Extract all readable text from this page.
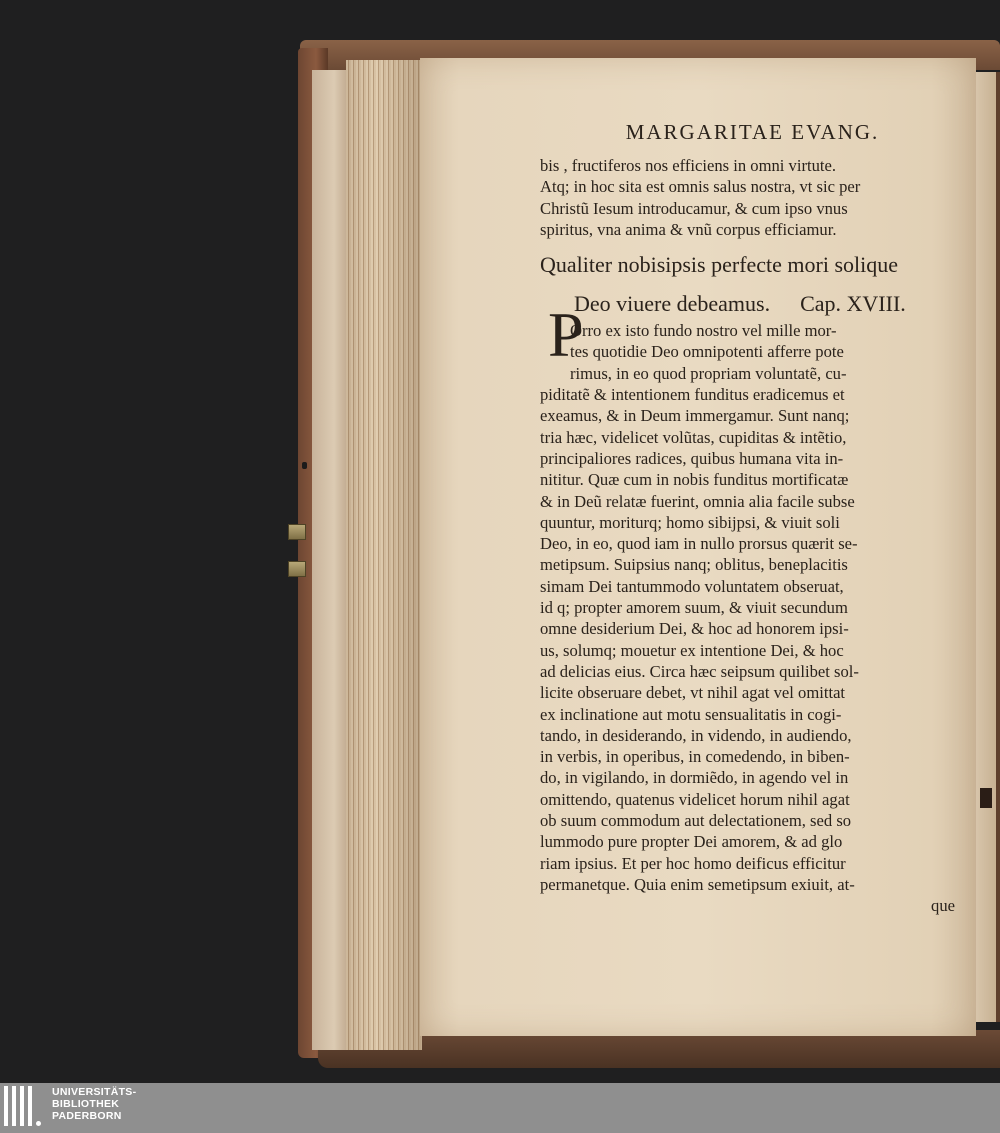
P
MARGARITAE EVANG.
bis , fructiferos nos efficiens in omni virtute.
Atq; in hoc sita est omnis salus nostra, vt sic per
Christũ Iesum introducamur, & cum ipso vnus
spiritus, vna anima & vnũ corpus efficiamur.
Qualiter nobisipsis perfecte mori solique
Deo viuere debeamus. Cap. XVIII.
Orro ex isto fundo nostro vel mille mor-
tes quotidie Deo omnipotenti afferre pote
rimus, in eo quod propriam voluntatẽ, cu-
piditatẽ & intentionem funditus eradicemus et
exeamus, & in Deum immergamur. Sunt nanq;
tria hæc, videlicet volũtas, cupiditas & intẽtio,
principaliores radices, quibus humana vita in-
nititur. Quæ cum in nobis funditus mortificatæ
& in Deũ relatæ fuerint, omnia alia facile subse
quuntur, moriturq; homo sibijpsi, & viuit soli
Deo, in eo, quod iam in nullo prorsus quærit se-
metipsum. Suipsius nanq; oblitus, beneplacitis
simam Dei tantummodo voluntatem obseruat,
id q; propter amorem suum, & viuit secundum
omne desiderium Dei, & hoc ad honorem ipsi-
us, solumq; mouetur ex intentione Dei, & hoc
ad delicias eius. Circa hæc seipsum quilibet sol-
licite obseruare debet, vt nihil agat vel omittat
ex inclinatione aut motu sensualitatis in cogi-
tando, in desiderando, in videndo, in audiendo,
in verbis, in operibus, in comedendo, in biben-
do, in vigilando, in dormiẽdo, in agendo vel in
omittendo, quatenus videlicet horum nihil agat
ob suum commodum aut delectationem, sed so
lummodo pure propter Dei amorem, & ad glo
riam ipsius. Et per hoc homo deificus efficitur
permanetque. Quia enim semetipsum exiuit, at-
que
UNIVERSITÄTS-
BIBLIOTHEK
PADERBORN
